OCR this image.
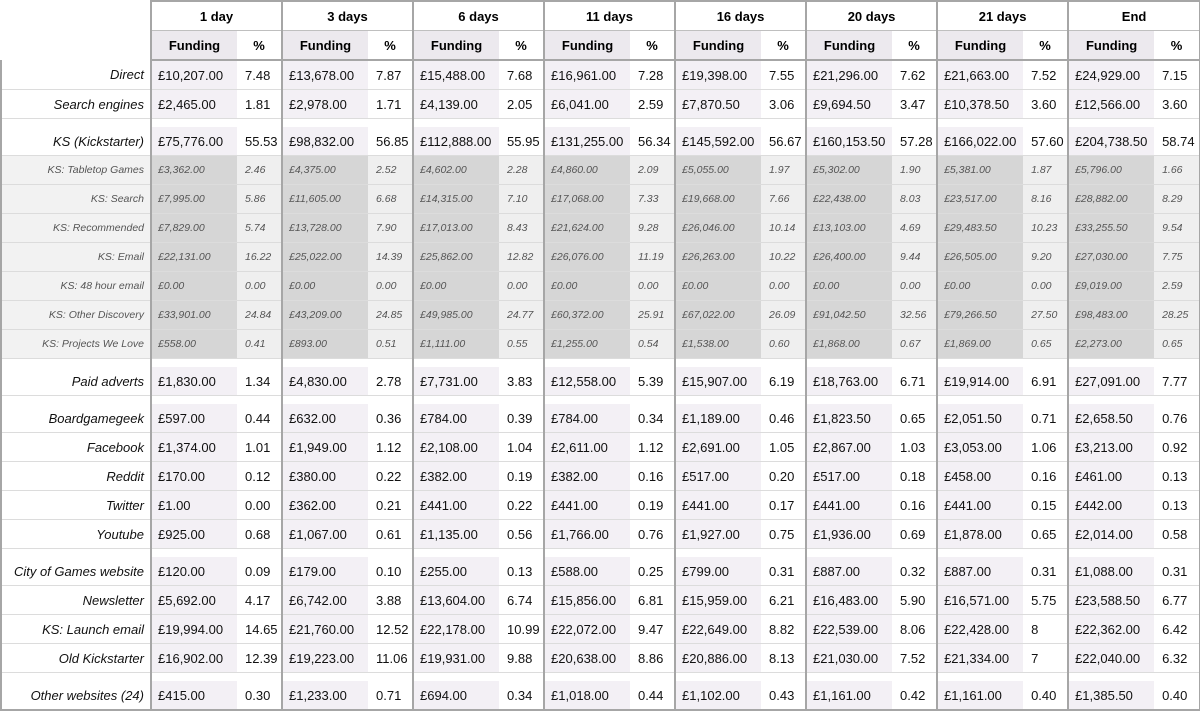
	1 day		3 days		6 days		11 days		16 days		20 days		21 days		End	
	Funding	%	Funding	%	Funding	%	Funding	%	Funding	%	Funding	%	Funding	%	Funding	%
Direct	£10,207.00	7.48	£13,678.00	7.87	£15,488.00	7.68	£16,961.00	7.28	£19,398.00	7.55	£21,296.00	7.62	£21,663.00	7.52	£24,929.00	7.15
Search engines	£2,465.00	1.81	£2,978.00	1.71	£4,139.00	2.05	£6,041.00	2.59	£7,870.50	3.06	£9,694.50	3.47	£10,378.50	3.60	£12,566.00	3.60

KS (Kickstarter)	£75,776.00	55.53	£98,832.00	56.85	£112,888.00	55.95	£131,255.00	56.34	£145,592.00	56.67	£160,153.50	57.28	£166,022.00	57.60	£204,738.50	58.74
KS: Tabletop Games	£3,362.00	2.46	£4,375.00	2.52	£4,602.00	2.28	£4,860.00	2.09	£5,055.00	1.97	£5,302.00	1.90	£5,381.00	1.87	£5,796.00	1.66
KS: Search	£7,995.00	5.86	£11,605.00	6.68	£14,315.00	7.10	£17,068.00	7.33	£19,668.00	7.66	£22,438.00	8.03	£23,517.00	8.16	£28,882.00	8.29
KS: Recommended	£7,829.00	5.74	£13,728.00	7.90	£17,013.00	8.43	£21,624.00	9.28	£26,046.00	10.14	£13,103.00	4.69	£29,483.50	10.23	£33,255.50	9.54
KS: Email	£22,131.00	16.22	£25,022.00	14.39	£25,862.00	12.82	£26,076.00	11.19	£26,263.00	10.22	£26,400.00	9.44	£26,505.00	9.20	£27,030.00	7.75
KS: 48 hour email	£0.00	0.00	£0.00	0.00	£0.00	0.00	£0.00	0.00	£0.00	0.00	£0.00	0.00	£0.00	0.00	£9,019.00	2.59
KS: Other Discovery	£33,901.00	24.84	£43,209.00	24.85	£49,985.00	24.77	£60,372.00	25.91	£67,022.00	26.09	£91,042.50	32.56	£79,266.50	27.50	£98,483.00	28.25
KS: Projects We Love	£558.00	0.41	£893.00	0.51	£1,111.00	0.55	£1,255.00	0.54	£1,538.00	0.60	£1,868.00	0.67	£1,869.00	0.65	£2,273.00	0.65

Paid adverts	£1,830.00	1.34	£4,830.00	2.78	£7,731.00	3.83	£12,558.00	5.39	£15,907.00	6.19	£18,763.00	6.71	£19,914.00	6.91	£27,091.00	7.77

Boardgamegeek	£597.00	0.44	£632.00	0.36	£784.00	0.39	£784.00	0.34	£1,189.00	0.46	£1,823.50	0.65	£2,051.50	0.71	£2,658.50	0.76
Facebook	£1,374.00	1.01	£1,949.00	1.12	£2,108.00	1.04	£2,611.00	1.12	£2,691.00	1.05	£2,867.00	1.03	£3,053.00	1.06	£3,213.00	0.92
Reddit	£170.00	0.12	£380.00	0.22	£382.00	0.19	£382.00	0.16	£517.00	0.20	£517.00	0.18	£458.00	0.16	£461.00	0.13
Twitter	£1.00	0.00	£362.00	0.21	£441.00	0.22	£441.00	0.19	£441.00	0.17	£441.00	0.16	£441.00	0.15	£442.00	0.13
Youtube	£925.00	0.68	£1,067.00	0.61	£1,135.00	0.56	£1,766.00	0.76	£1,927.00	0.75	£1,936.00	0.69	£1,878.00	0.65	£2,014.00	0.58

City of Games website	£120.00	0.09	£179.00	0.10	£255.00	0.13	£588.00	0.25	£799.00	0.31	£887.00	0.32	£887.00	0.31	£1,088.00	0.31
Newsletter	£5,692.00	4.17	£6,742.00	3.88	£13,604.00	6.74	£15,856.00	6.81	£15,959.00	6.21	£16,483.00	5.90	£16,571.00	5.75	£23,588.50	6.77
KS: Launch email	£19,994.00	14.65	£21,760.00	12.52	£22,178.00	10.99	£22,072.00	9.47	£22,649.00	8.82	£22,539.00	8.06	£22,428.00	8	£22,362.00	6.42
Old Kickstarter	£16,902.00	12.39	£19,223.00	11.06	£19,931.00	9.88	£20,638.00	8.86	£20,886.00	8.13	£21,030.00	7.52	£21,334.00	7	£22,040.00	6.32

Other websites (24)	£415.00	0.30	£1,233.00	0.71	£694.00	0.34	£1,018.00	0.44	£1,102.00	0.43	£1,161.00	0.42	£1,161.00	0.40	£1,385.50	0.40
